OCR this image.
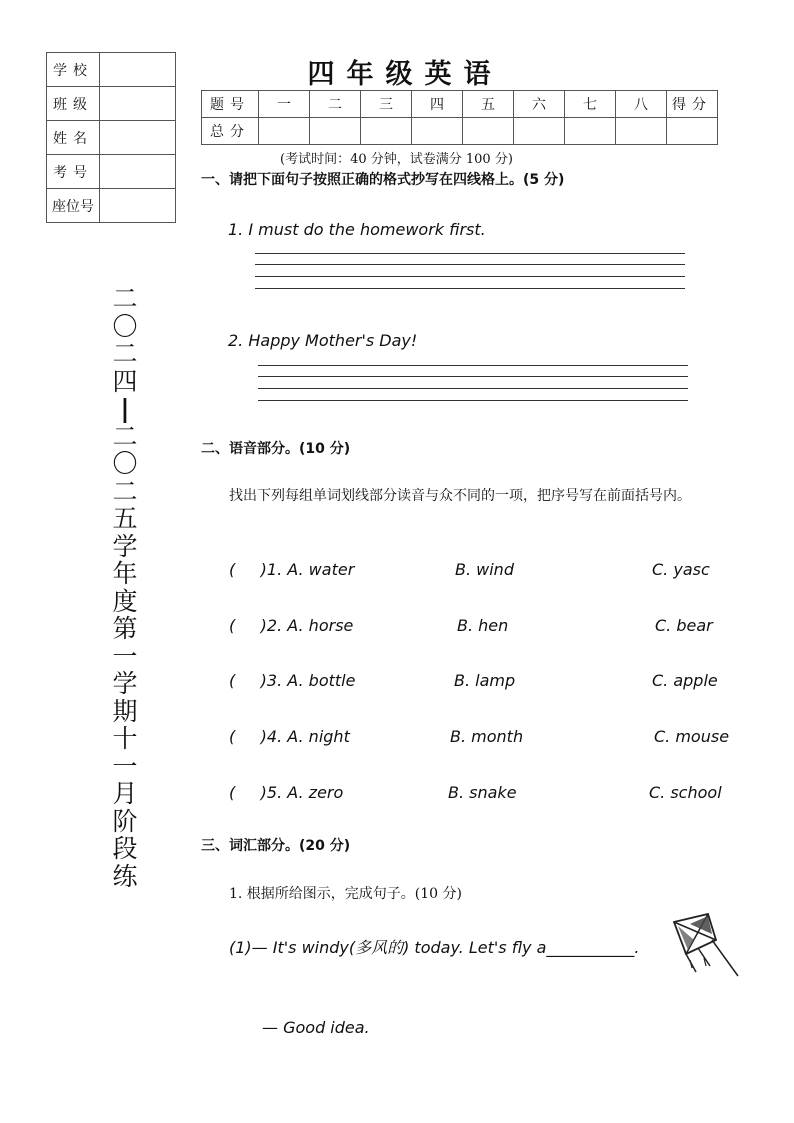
学校	
班级	
姓名	
考号	
座位号	
四年级英语
题号	一	二	三	四	五	六	七	八	得分
总分									
(考试时间：40 分钟，试卷满分 100 分)
二
〇
二
四
|
二
〇
二
五
学
年
度
第
一
学
期
十
一
月
阶
段
练
一、请把下面句子按照正确的格式抄写在四线格上。(5 分)
1. I must do the homework first.
2. Happy Mother's Day!
二、语音部分。(10 分)
找出下列每组单词划线部分读音与众不同的一项，把序号写在前面括号内。
(     )1. A. water	B. wind	C. yasc
(     )2. A. horse	B. hen	C. bear
(     )3. A. bottle	B. lamp	C. apple
(     )4. A. night	B. month	C. mouse
(     )5. A. zero	B. snake	C. school
三、词汇部分。(20 分)
1. 根据所给图示，完成句子。(10 分)
(1)— It's windy(多风的) today. Let's fly a___________.
— Good idea.
